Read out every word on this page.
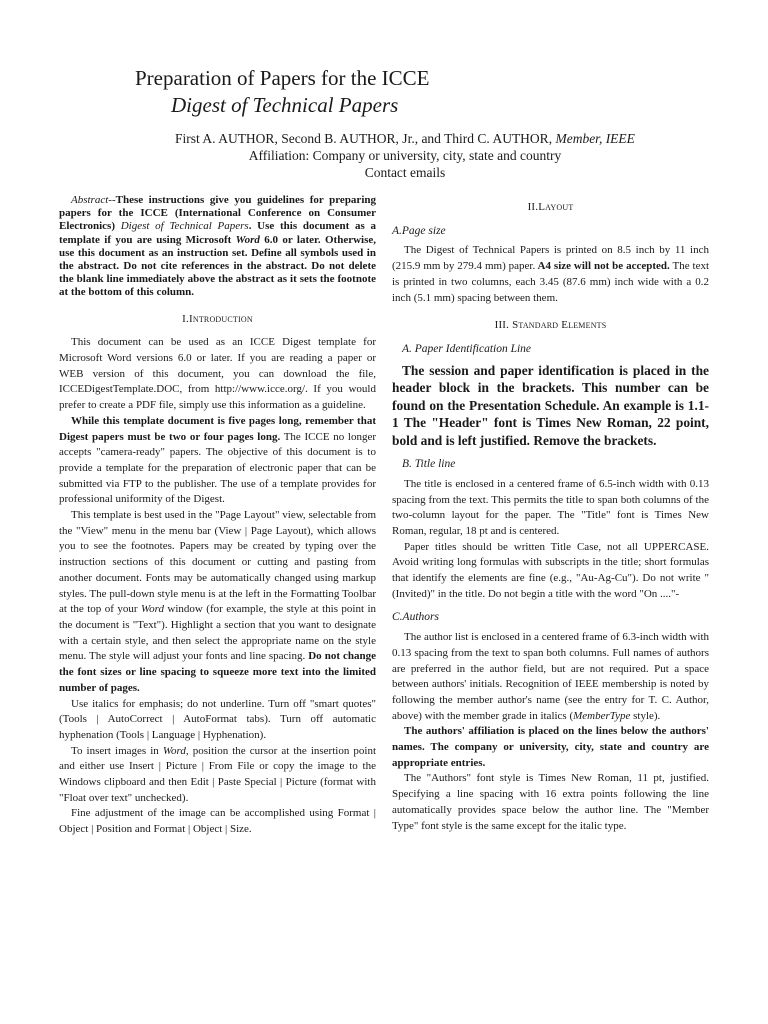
Preparation of Papers for the ICCE
Digest of Technical Papers
First A. AUTHOR, Second B. AUTHOR, Jr., and Third C. AUTHOR, Member, IEEE
Affiliation: Company or university, city, state and country
Contact emails

Abstract--These instructions give you guidelines for preparing papers for the ICCE (International Conference on Consumer Electronics) Digest of Technical Papers. Use this document as a template if you are using Microsoft Word 6.0 or later. Otherwise, use this document as an instruction set. Define all symbols used in the abstract. Do not cite references in the abstract. Do not delete the blank line immediately above the abstract as it sets the footnote at the bottom of this column.

I.Introduction

This document can be used as an ICCE Digest template for Microsoft Word versions 6.0 or later. If you are reading a paper or WEB version of this document, you can download the file, ICCEDigestTemplate.DOC, from http://www.icce.org/. If you would prefer to create a PDF file, simply use this information as a guideline.

While this template document is five pages long, remember that Digest papers must be two or four pages long. The ICCE no longer accepts "camera-ready" papers. The objective of this document is to provide a template for the preparation of electronic paper that can be submitted via FTP to the publisher. The use of a template provides for professional uniformity of the Digest.

This template is best used in the "Page Layout" view, selectable from the "View" menu in the menu bar (View | Page Layout), which allows you to see the footnotes. Papers may be created by typing over the instruction sections of this document or cutting and pasting from another document. Fonts may be automatically changed using markup styles. The pull-down style menu is at the left in the Formatting Toolbar at the top of your Word window (for example, the style at this point in the document is "Text"). Highlight a section that you want to designate with a certain style, and then select the appropriate name on the style menu. The style will adjust your fonts and line spacing. Do not change the font sizes or line spacing to squeeze more text into the limited number of pages.

Use italics for emphasis; do not underline. Turn off "smart quotes" (Tools | AutoCorrect | AutoFormat tabs). Turn off automatic hyphenation (Tools | Language | Hyphenation).

To insert images in Word, position the cursor at the insertion point and either use Insert | Picture | From File or copy the image to the Windows clipboard and then Edit | Paste Special | Picture (format with "Float over text" unchecked).

Fine adjustment of the image can be accomplished using Format | Object | Position and Format | Object | Size.

II.Layout
A.Page size

The Digest of Technical Papers is printed on 8.5 inch by 11 inch (215.9 mm by 279.4 mm) paper. A4 size will not be accepted. The text is printed in two columns, each 3.45 (87.6 mm) inch wide with a 0.2 inch (5.1 mm) spacing between them.

III. Standard Elements
A. Paper Identification Line

The session and paper identification is placed in the header block in the brackets. This number can be found on the Presentation Schedule. An example is 1.1-1 The "Header" font is Times New Roman, 22 point, bold and is left justified. Remove the brackets.

B. Title line

The title is enclosed in a centered frame of 6.5-inch width with 0.13 spacing from the text. This permits the title to span both columns of the two-column layout for the paper. The "Title" font is Times New Roman, regular, 18 pt and is centered.

Paper titles should be written Title Case, not all UPPERCASE. Avoid writing long formulas with subscripts in the title; short formulas that identify the elements are fine (e.g., "Au-Ag-Cu"). Do not write "(Invited)" in the title. Do not begin a title with the word "On ...."-

C.Authors

The author list is enclosed in a centered frame of 6.3-inch width with 0.13 spacing from the text to span both columns. Full names of authors are preferred in the author field, but are not required. Put a space between authors' initials. Recognition of IEEE membership is noted by following the member author's name (see the entry for T. C. Author, above) with the member grade in italics (MemberType style).

The authors' affiliation is placed on the lines below the authors' names. The company or university, city, state and country are appropriate entries.

The "Authors" font style is Times New Roman, 11 pt, justified. Specifying a line spacing with 16 extra points following the line automatically provides space below the author line. The "Member Type" font style is the same except for the italic type.
